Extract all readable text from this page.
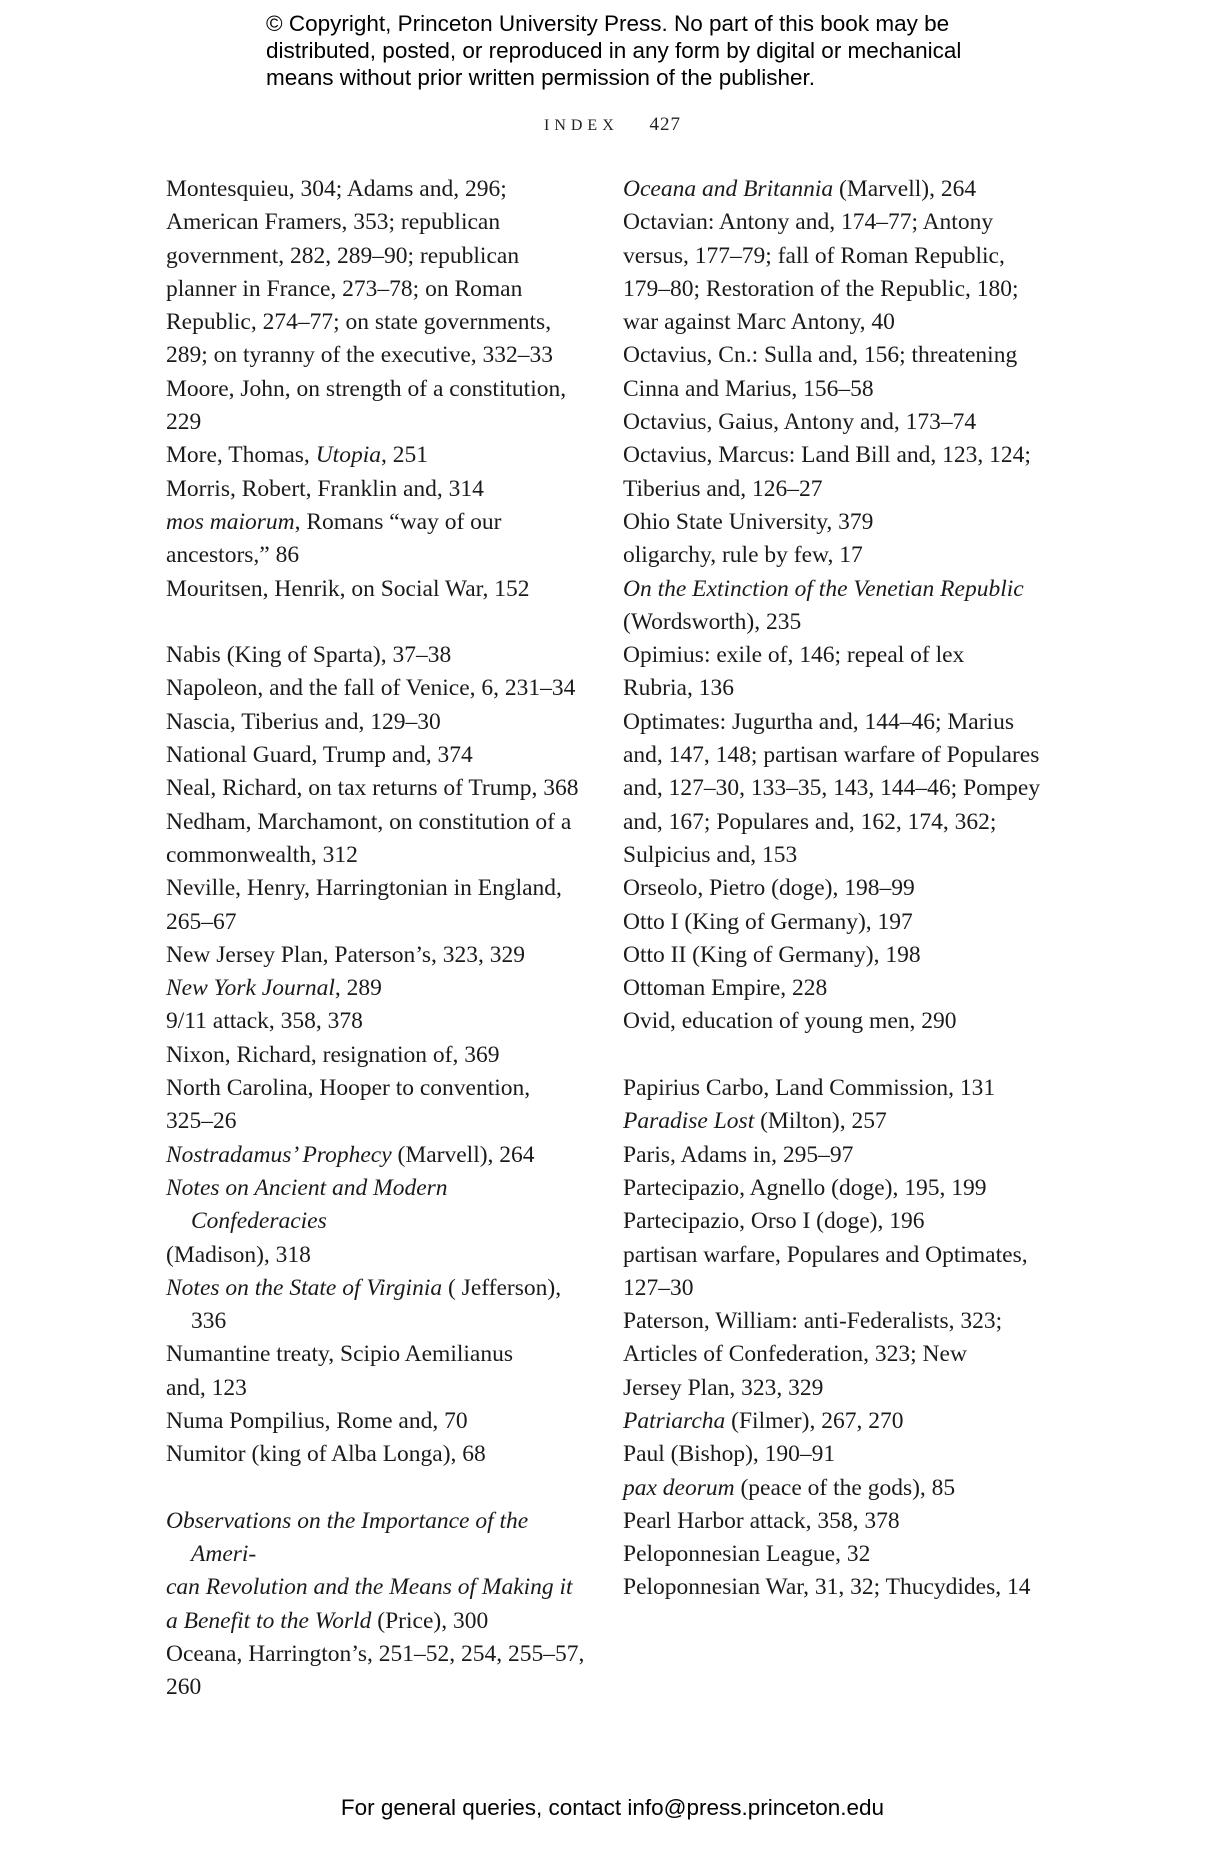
© Copyright, Princeton University Press. No part of this book may be
distributed, posted, or reproduced in any form by digital or mechanical
means without prior written permission of the publisher.
INDEX 427
Montesquieu, 304; Adams and, 296;
American Framers, 353; republican
government, 282, 289–90; republican
planner in France, 273–78; on Roman
Republic, 274–77; on state governments,
289; on tyranny of the executive, 332–33
Moore, John, on strength of a constitution,
229
More, Thomas, Utopia, 251
Morris, Robert, Franklin and, 314
mos maiorum, Romans “way of our
ancestors,” 86
Mouritsen, Henrik, on Social War, 152
Nabis (King of Sparta), 37–38
Napoleon, and the fall of Venice, 6, 231–34
Nascia, Tiberius and, 129–30
National Guard, Trump and, 374
Neal, Richard, on tax returns of Trump, 368
Nedham, Marchamont, on constitution of a
commonwealth, 312
Neville, Henry, Harringtonian in England,
265–67
New Jersey Plan, Paterson’s, 323, 329
New York Journal, 289
9/11 attack, 358, 378
Nixon, Richard, resignation of, 369
North Carolina, Hooper to convention,
325–26
Nostradamus’ Prophecy (Marvell), 264
Notes on Ancient and Modern Confederacies
(Madison), 318
Notes on the State of Virginia ( Jefferson), 336
Numantine treaty, Scipio Aemilianus
and, 123
Numa Pompilius, Rome and, 70
Numitor (king of Alba Longa), 68
Observations on the Importance of the Ameri-
can Revolution and the Means of Making it
a Benefit to the World (Price), 300
Oceana, Harrington’s, 251–52, 254, 255–57,
260
Oceana and Britannia (Marvell), 264
Octavian: Antony and, 174–77; Antony
versus, 177–79; fall of Roman Republic,
179–80; Restoration of the Republic, 180;
war against Marc Antony, 40
Octavius, Cn.: Sulla and, 156; threatening
Cinna and Marius, 156–58
Octavius, Gaius, Antony and, 173–74
Octavius, Marcus: Land Bill and, 123, 124;
Tiberius and, 126–27
Ohio State University, 379
oligarchy, rule by few, 17
On the Extinction of the Venetian Republic
(Wordsworth), 235
Opimius: exile of, 146; repeal of lex
Rubria, 136
Optimates: Jugurtha and, 144–46; Marius
and, 147, 148; partisan warfare of Populares
and, 127–30, 133–35, 143, 144–46; Pompey
and, 167; Populares and, 162, 174, 362;
Sulpicius and, 153
Orseolo, Pietro (doge), 198–99
Otto I (King of Germany), 197
Otto II (King of Germany), 198
Ottoman Empire, 228
Ovid, education of young men, 290
Papirius Carbo, Land Commission, 131
Paradise Lost (Milton), 257
Paris, Adams in, 295–97
Partecipazio, Agnello (doge), 195, 199
Partecipazio, Orso I (doge), 196
partisan warfare, Populares and Optimates,
127–30
Paterson, William: anti-Federalists, 323;
Articles of Confederation, 323; New
Jersey Plan, 323, 329
Patriarcha (Filmer), 267, 270
Paul (Bishop), 190–91
pax deorum (peace of the gods), 85
Pearl Harbor attack, 358, 378
Peloponnesian League, 32
Peloponnesian War, 31, 32; Thucydides, 14
For general queries, contact info@press.princeton.edu
